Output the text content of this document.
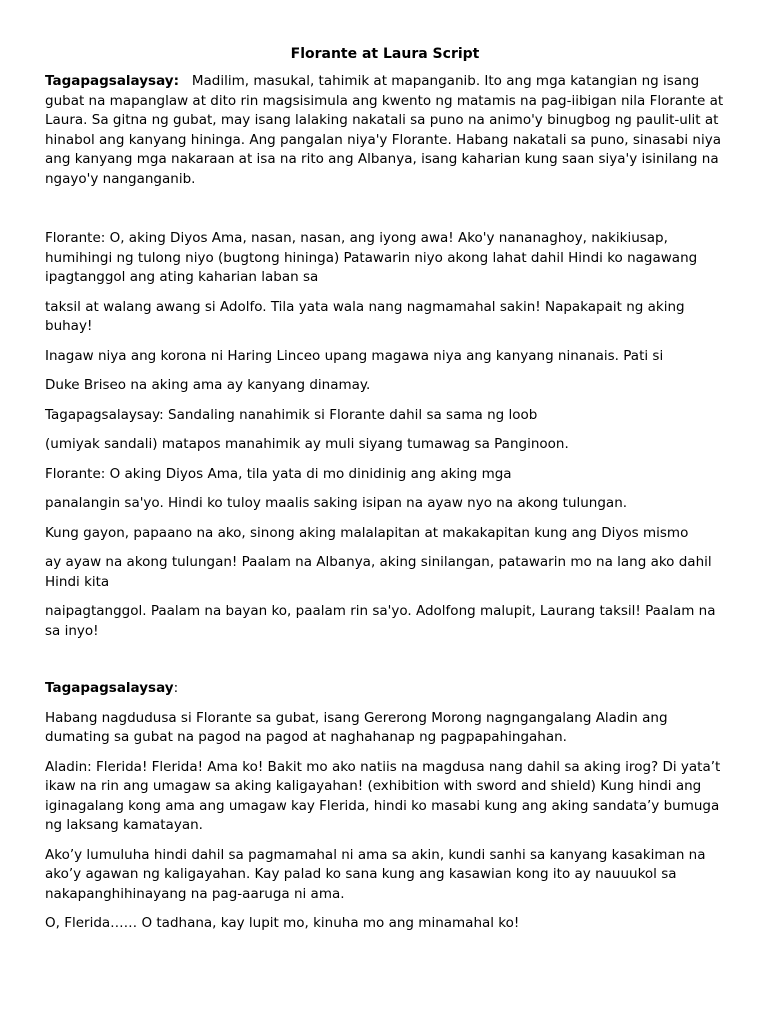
Florante at Laura Script

Tagapagsalaysay: Madilim, masukal, tahimik at mapanganib. Ito ang mga katangian ng isang gubat na mapanglaw at dito rin magsisimula ang kwento ng matamis na pag-iibigan nila Florante at Laura. Sa gitna ng gubat, may isang lalaking nakatali sa puno na animo'y binugbog ng paulit-ulit at hinabol ang kanyang hininga. Ang pangalan niya'y Florante. Habang nakatali sa puno, sinasabi niya ang kanyang mga nakaraan at isa na rito ang Albanya, isang kaharian kung saan siya'y isinilang na ngayo'y nanganganib.

Florante: O, aking Diyos Ama, nasan, nasan, ang iyong awa! Ako'y nananaghoy, nakikiusap, humihingi ng tulong niyo (bugtong hininga) Patawarin niyo akong lahat dahil Hindi ko nagawang ipagtanggol ang ating kaharian laban sa

taksil at walang awang si Adolfo. Tila yata wala nang nagmamahal sakin! Napakapait ng aking buhay!

Inagaw niya ang korona ni Haring Linceo upang magawa niya ang kanyang ninanais. Pati si

Duke Briseo na aking ama ay kanyang dinamay.

Tagapagsalaysay: Sandaling nanahimik si Florante dahil sa sama ng loob

(umiyak sandali) matapos manahimik ay muli siyang tumawag sa Panginoon.

Florante: O aking Diyos Ama, tila yata di mo dinidinig ang aking mga

panalangin sa'yo. Hindi ko tuloy maalis saking isipan na ayaw nyo na akong tulungan.

Kung gayon, papaano na ako, sinong aking malalapitan at makakapitan kung ang Diyos mismo

ay ayaw na akong tulungan! Paalam na Albanya, aking sinilangan, patawarin mo na lang ako dahil Hindi kita

naipagtanggol. Paalam na bayan ko, paalam rin sa'yo. Adolfong malupit, Laurang taksil! Paalam na sa inyo!

Tagapagsalaysay:

Habang nagdudusa si Florante sa gubat, isang Gererong Morong nagngangalang Aladin ang dumating sa gubat na pagod na pagod at naghahanap ng pagpapahingahan.

Aladin: Flerida! Flerida! Ama ko! Bakit mo ako natiis na magdusa nang dahil sa aking irog? Di yata’t ikaw na rin ang umagaw sa aking kaligayahan! (exhibition with sword and shield) Kung hindi ang iginagalang kong ama ang umagaw kay Flerida, hindi ko masabi kung ang aking sandata’y bumuga ng laksang kamatayan.

Ako’y lumuluha hindi dahil sa pagmamahal ni ama sa akin, kundi sanhi sa kanyang kasakiman na ako’y agawan ng kaligayahan. Kay palad ko sana kung ang kasawian kong ito ay nauuukol sa nakapanghihinayang na pag-aaruga ni ama.

O, Flerida…… O tadhana, kay lupit mo, kinuha mo ang minamahal ko!
